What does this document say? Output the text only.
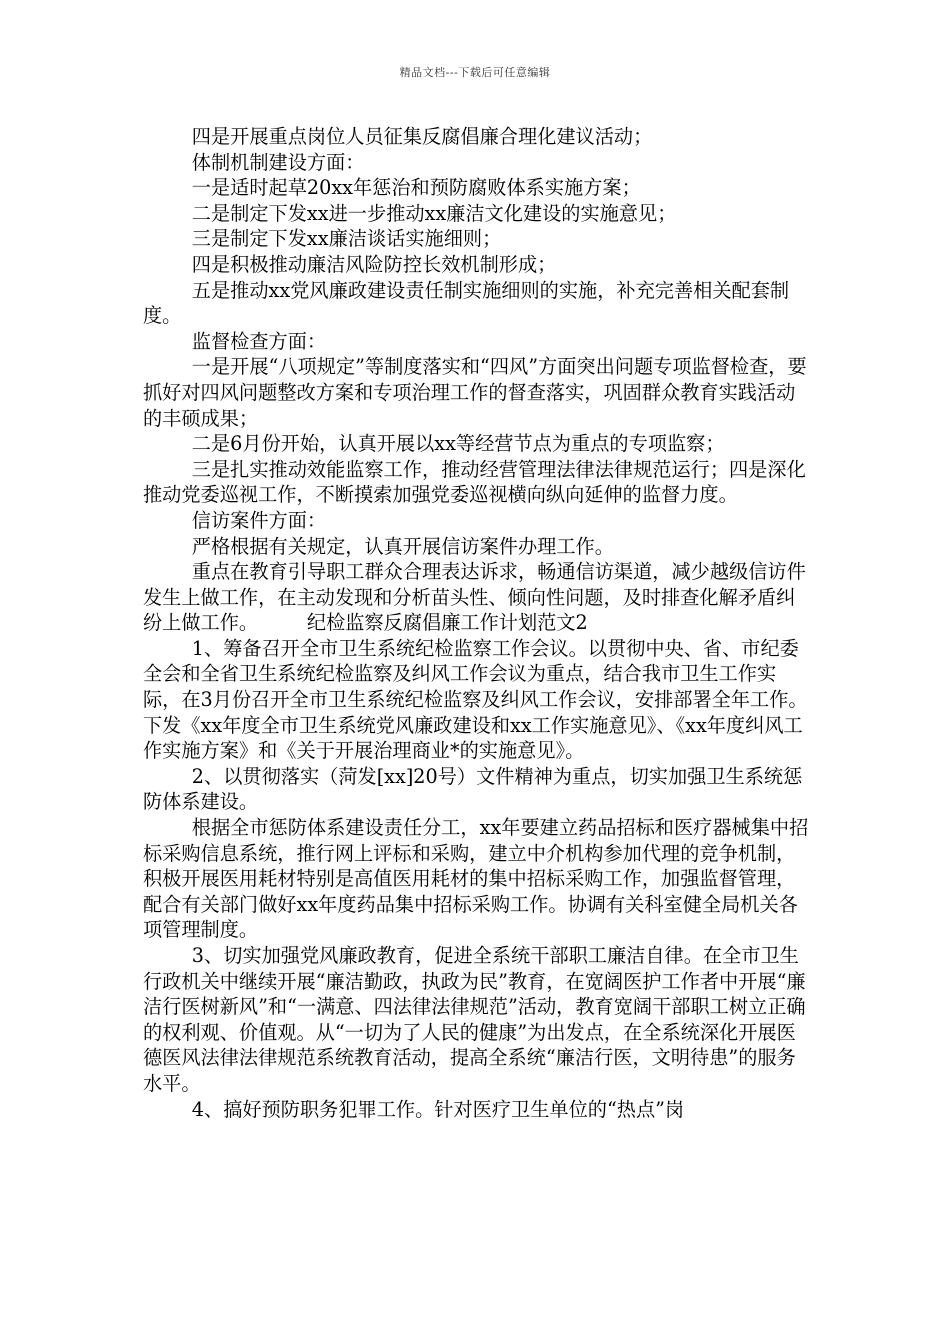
精品文档---下载后可任意编辑

四是开展重点岗位人员征集反腐倡廉合理化建议活动；

体制机制建设方面：

一是适时起草20xx年惩治和预防腐败体系实施方案；

二是制定下发xx进一步推动xx廉洁文化建设的实施意见；

三是制定下发xx廉洁谈话实施细则；

四是积极推动廉洁风险防控长效机制形成；

五是推动xx党风廉政建设责任制实施细则的实施，补充完善相关配套制度。

监督检查方面：

一是开展“八项规定”等制度落实和“四风”方面突出问题专项监督检查，要抓好对四风问题整改方案和专项治理工作的督查落实，巩固群众教育实践活动的丰硕成果；

二是6月份开始，认真开展以xx等经营节点为重点的专项监察；

三是扎实推动效能监察工作，推动经营管理法律法律规范运行；四是深化推动党委巡视工作，不断摸索加强党委巡视横向纵向延伸的监督力度。

信访案件方面：

严格根据有关规定，认真开展信访案件办理工作。

重点在教育引导职工群众合理表达诉求，畅通信访渠道，减少越级信访件发生上做工作，在主动发现和分析苗头性、倾向性问题，及时排查化解矛盾纠纷上做工作。        纪检监察反腐倡廉工作计划范文2

1、筹备召开全市卫生系统纪检监察工作会议。以贯彻中央、省、市纪委全会和全省卫生系统纪检监察及纠风工作会议为重点，结合我市卫生工作实际，在3月份召开全市卫生系统纪检监察及纠风工作会议，安排部署全年工作。下发《xx年度全市卫生系统党风廉政建设和xx工作实施意见》、《xx年度纠风工作实施方案》和《关于开展治理商业*的实施意见》。

2、以贯彻落实（菏发[xx]20号）文件精神为重点，切实加强卫生系统惩防体系建设。

根据全市惩防体系建设责任分工，xx年要建立药品招标和医疗器械集中招标采购信息系统，推行网上评标和采购，建立中介机构参加代理的竞争机制，积极开展医用耗材特别是高值医用耗材的集中招标采购工作，加强监督管理，配合有关部门做好xx年度药品集中招标采购工作。协调有关科室健全局机关各项管理制度。

3、切实加强党风廉政教育，促进全系统干部职工廉洁自律。在全市卫生行政机关中继续开展“廉洁勤政，执政为民”教育，在宽阔医护工作者中开展“廉洁行医树新风”和“一满意、四法律法律规范”活动，教育宽阔干部职工树立正确的权利观、价值观。从“一切为了人民的健康”为出发点，在全系统深化开展医德医风法律法律规范系统教育活动，提高全系统“廉洁行医，文明待患”的服务水平。

4、搞好预防职务犯罪工作。针对医疗卫生单位的“热点”岗
